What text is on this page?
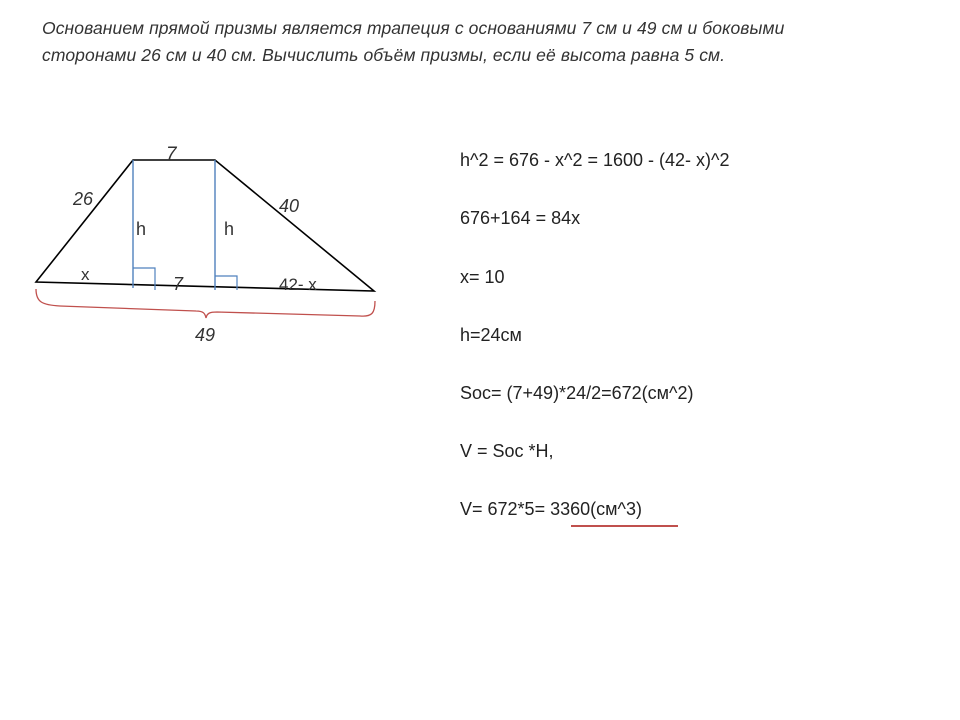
Основанием прямой призмы является трапеция с основаниями 7 см и 49 см и боковыми
сторонами 26 см и 40 см. Вычислить объём призмы, если её высота равна 5 см.
7
26	40
h	h
x	7	42- x
49
h^2 = 676 - x^2 = 1600 - (42- x)^2
676+164 = 84x
x= 10
h=24см
Sос= (7+49)*24/2=672(см^2)
V = Sос *H,
V= 672*5= 3360(см^3)
